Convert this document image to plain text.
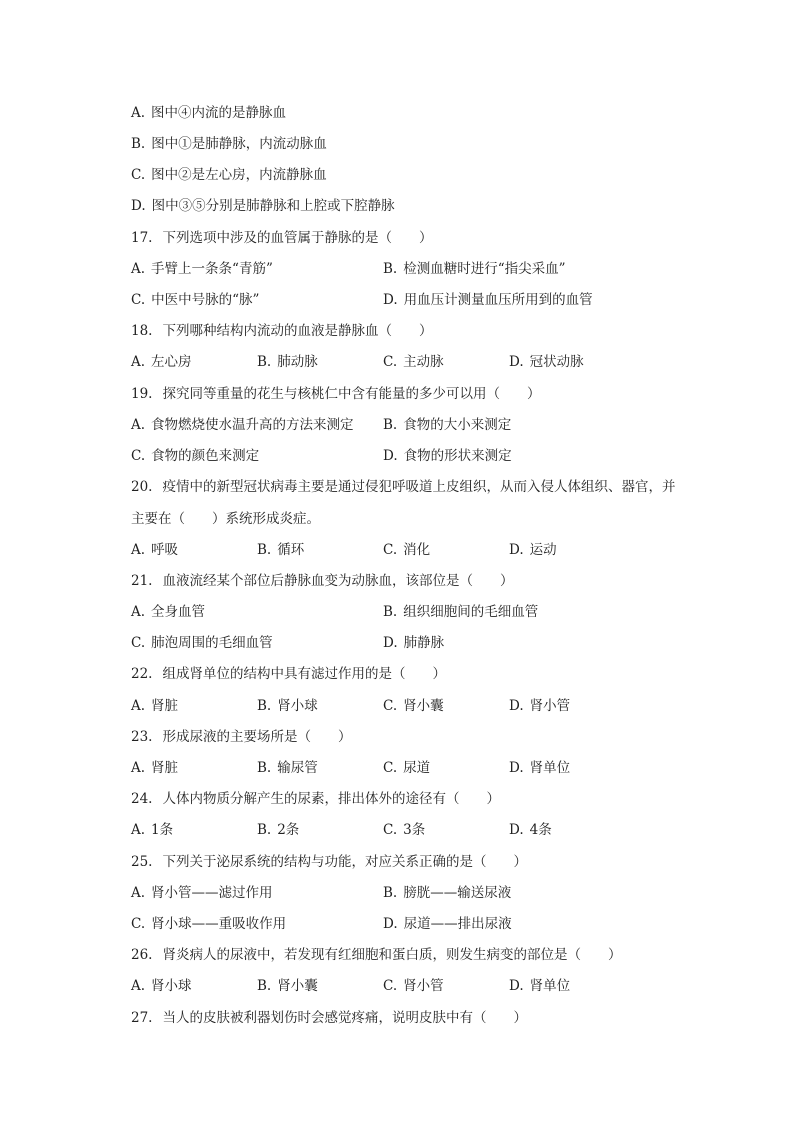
A. 图中④内流的是静脉血
B. 图中①是肺静脉，内流动脉血
C. 图中②是左心房，内流静脉血
D. 图中③⑤分别是肺静脉和上腔或下腔静脉
17. 下列选项中涉及的血管属于静脉的是（　　）
A. 手臂上一条条“青筋”	B. 检测血糖时进行“指尖采血”
C. 中医中号脉的“脉”	D. 用血压计测量血压所用到的血管
18. 下列哪种结构内流动的血液是静脉血（　　）
A. 左心房	B. 肺动脉	C. 主动脉	D. 冠状动脉
19. 探究同等重量的花生与核桃仁中含有能量的多少可以用（　　）
A. 食物燃烧使水温升高的方法来测定 B. 食物的大小来测定
C. 食物的颜色来测定	D. 食物的形状来测定
20. 疫情中的新型冠状病毒主要是通过侵犯呼吸道上皮组织，从而入侵人体组织、器官，并
主要在（　　）系统形成炎症。
A. 呼吸	B. 循环	C. 消化	D. 运动
21. 血液流经某个部位后静脉血变为动脉血，该部位是（　　）
A. 全身血管	B. 组织细胞间的毛细血管
C. 肺泡周围的毛细血管	D. 肺静脉
22. 组成肾单位的结构中具有滤过作用的是（　　）
A. 肾脏	B. 肾小球	C. 肾小囊	D. 肾小管
23. 形成尿液的主要场所是（　　）
A. 肾脏	B. 输尿管	C. 尿道	D. 肾单位
24. 人体内物质分解产生的尿素，排出体外的途径有（　　）
A. 1条	B. 2条	C. 3条	D. 4条
25. 下列关于泌尿系统的结构与功能，对应关系正确的是（　　）
A. 肾小管——滤过作用	B. 膀胱——输送尿液
C. 肾小球——重吸收作用	D. 尿道——排出尿液
26. 肾炎病人的尿液中，若发现有红细胞和蛋白质，则发生病变的部位是（　　）
A. 肾小球	B. 肾小囊	C. 肾小管	D. 肾单位
27. 当人的皮肤被利器划伤时会感觉疼痛，说明皮肤中有（　　）
